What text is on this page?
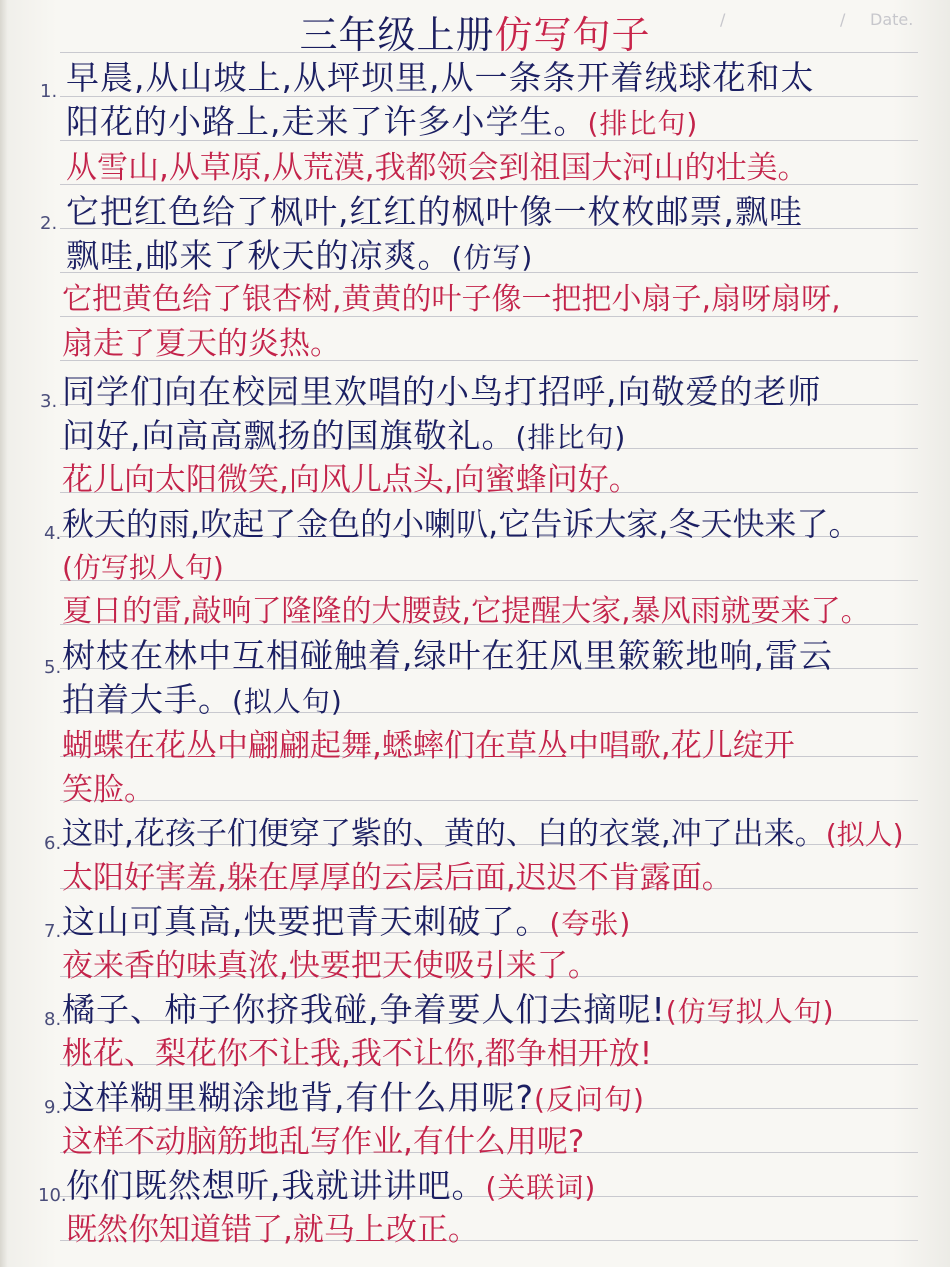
/	/ Date.
三年级上册仿写句子
1. 早晨,从山坡上,从坪坝里,从一条条开着绒球花和太
阳花的小路上,走来了许多小学生。(排比句)
从雪山,从草原,从荒漠,我都领会到祖国大河山的壮美。
2. 它把红色给了枫叶,红红的枫叶像一枚枚邮票,飘哇
飘哇,邮来了秋天的凉爽。(仿写)
它把黄色给了银杏树,黄黄的叶子像一把把小扇子,扇呀扇呀,
扇走了夏天的炎热。
3. 同学们向在校园里欢唱的小鸟打招呼,向敬爱的老师
问好,向高高飘扬的国旗敬礼。(排比句)
花儿向太阳微笑,向风儿点头,向蜜蜂问好。
4. 秋天的雨,吹起了金色的小喇叭,它告诉大家,冬天快来了。
(仿写拟人句)
夏日的雷,敲响了隆隆的大腰鼓,它提醒大家,暴风雨就要来了。
5. 树枝在林中互相碰触着,绿叶在狂风里簌簌地响,雷云
拍着大手。(拟人句)
蝴蝶在花丛中翩翩起舞,蟋蟀们在草丛中唱歌,花儿绽开
笑脸。
6. 这时,花孩子们便穿了紫的、黄的、白的衣裳,冲了出来。(拟人)
太阳好害羞,躲在厚厚的云层后面,迟迟不肯露面。
7. 这山可真高,快要把青天刺破了。(夸张)
夜来香的味真浓,快要把天使吸引来了。
8. 橘子、柿子你挤我碰,争着要人们去摘呢!(仿写拟人句)
桃花、梨花你不让我,我不让你,都争相开放!
9. 这样糊里糊涂地背,有什么用呢?(反问句)
这样不动脑筋地乱写作业,有什么用呢?
10. 你们既然想听,我就讲讲吧。(关联词)
既然你知道错了,就马上改正。
